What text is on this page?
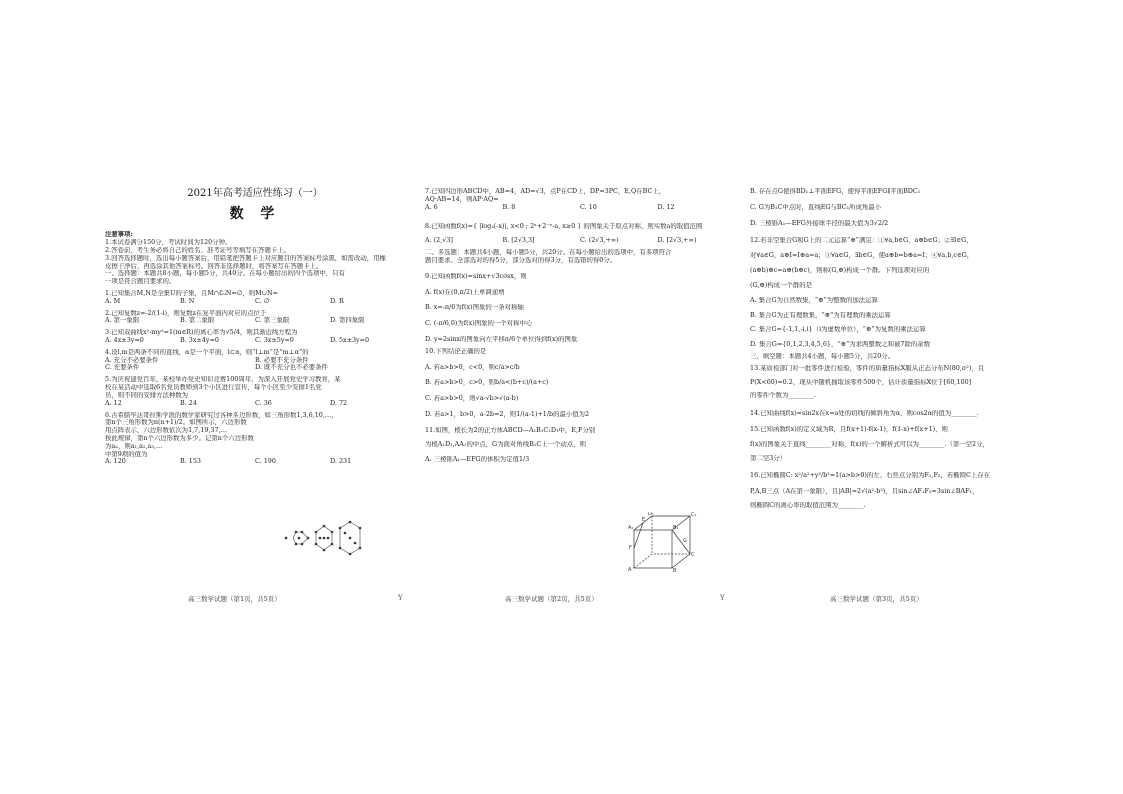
2021年高考适应性练习（一）
数 学
注意事项:
1.本试卷满分150分，考试时间为120分钟。
2.答卷前，考生务必将自己的姓名、准考证号等填写在答题卡上。
3.回答选择题时，选出每小题答案后，用铅笔把答题卡上对应题目的答案标号涂黑，如需改动，用橡
皮擦干净后，再选涂其他答案标号。回答非选择题时，将答案写在答题卡上。
一、选择题：本题共8小题，每小题5分，共40分。在每小题给出的四个选项中，只有
一项是符合题目要求的。
1.已知集合M,N是全集U的子集，且M∩∁ᵤN=∅，则M∪N=
A. M	B. N	C. ∅	D. R
2.已知复数z=-2/(1-i)，则复数z在复平面内对应的点位于
A. 第一象限	B. 第二象限	C. 第三象限	D. 第四象限
3.已知双曲线x²-my²=1(m∈R)的离心率为√5/4，则其渐近线方程为
A. 4x±3y=0	B. 3x±4y=0	C. 3x±5y=0	D. 5x±3y=0
4.设l,m是两条不同的直线，α是一个平面，l⊂α，则“l⊥m”是“m⊥α”的
A. 充分不必要条件	B. 必要不充分条件
C. 充要条件	D. 既不充分也不必要条件
5.为庆祝建党百年，某校举办党史知识竞赛100周年，为深入开展党史学习教育，某
校在某活动中选取6名党员教师到3个小区进行宣传，每个小区至少安排1名党
员，则不同的安排方法种数为
A. 12	B. 24	C. 36	D. 72
6.古希腊毕达哥拉斯学派的数学家研究过各种多边形数，如三角形数1,3,6,10,…，
第n个三角形数为n(n+1)/2。如图所示，六边形数
用点阵表示，六边形数依次为1,7,19,37,…
按此规律，第n个六边形数为多少。记第n个六边形数
为aₙ，则a₁,a₂,a₃,…
中第9项的值为
A. 120	B. 153	C. 190	D. 231
高三数学试题（第1页，共5页）	Y
7.已知四边形ABCD中，AB=4，AD=√3，点P在CD上，DP=3PC，E,Q在BC上，
AQ·AB=14，则AP·AQ=
A. 6	B. 8	C. 10	D. 12
8.已知函数f(x)={ |log₂(-x)|, x<0 ; 2ˣ+2⁻ˣ-a, x≥0 } 的图象关于原点对称，则实数a的取值范围
A. (2,√3]	B. [2√3,3]	C. (2√3,+∞)	D. [2√3,+∞)
二、多选题：本题共4小题，每小题5分，共20分。在每小题给出的选项中，有多项符合
题目要求。全部选对的得5分，部分选对的得3分，有选错的得0分。
9.已知函数f(x)=sinx+√3cosx，则
A. f(x)在(0,π/2)上单调递增
B. x=-π/6为f(x)图象的一条对称轴
C. (-π/6,0)为f(x)图象的一个对称中心
D. y=2sinx的图象向左平移π/6个单位得到f(x)的图象
10.下列结论正确的是
A. 若a>b>0，c<0，则c/a>c/b
B. 若a>b>0，c>0，则b/a<(b+c)/(a+c)
C. 若a>b>0，则√a-√b>√(a-b)
D. 若a>1，b>0，a-2b=2，则1/(a-1)+1/b的最小值为2
11.如图，棱长为2的正方体ABCD—A₁B₁C₁D₁中，E,F分别
为棱A₁D₁,AA₁的中点，G为面对角线B₁C上一个动点，则
A. 三棱锥A₁—EFG的体积为定值1/3
A₁
D₁	C₁
B₁
A	B
C
E
F
G
高三数学试题（第2页，共5页）	Y
B. 存在点G使得BD₁⊥平面EFG，使得平面EFG∥平面BDC₁
C. G为B₁C中点时，直线EG与BC₁所成角最小
D. 三棱锥A₁—EFG外接球半径的最大值为3√2/2
12.若非空集合G和G上的二元运算“⊕”满足：①∀a,b∈G，a⊕b∈G；②∃I∈G，
对∀a∈G，a⊕I=I⊕a=a；③∀a∈G，∃b∈G，使a⊕b=b⊕a=I；④∀a,b,c∈G，
(a⊕b)⊕c=a⊕(b⊕c)，则称(G,⊕)构成一个群。下列选项对应的
(G,⊕)构成一个群的是
A. 集合G为自然数集，“⊕”为整数的加法运算
B. 集合G为正有理数集，“⊕”为有理数的乘法运算
C. 集合G={-1,1,-i,i}（i为虚数单位），“⊕”为复数的乘法运算
D. 集合G={0,1,2,3,4,5,6}，“⊕”为求两整数之和被7除的余数
三、填空题：本题共4小题，每小题5分，共20分。
13.某质检部门对一批零件进行检验，零件的质量指标X服从正态分布N(80,σ²)，且
P(X<60)=0.2，现从中随机抽取该零件500个，估计质量指标X位于[60,100]
的零件个数为________.
14.已知曲线f(x)=sin2x在x=a处的切线的倾斜角为α，则cos2α的值为________.
15.已知函数f(x)的定义域为R，且f(x+1)-f(x-1)，f(1-x)+f(x+1)，则
f(x)的图象关于直线________对称，f(x)的一个解析式可以为________.（第一空2分，
第二空3分）
16.已知椭圆C: x²/a²+y²/b²=1(a>b>0)的左、右焦点分别为F₁,F₂，若椭圆C上存在
P,A,B三点（A在第一象限），且|AB|=2√(a²-b²)，且sin∠AF₁F₂=3sin∠BAF₁，
则椭圆C的离心率的取值范围为________.
高三数学试题（第3页，共5页）
